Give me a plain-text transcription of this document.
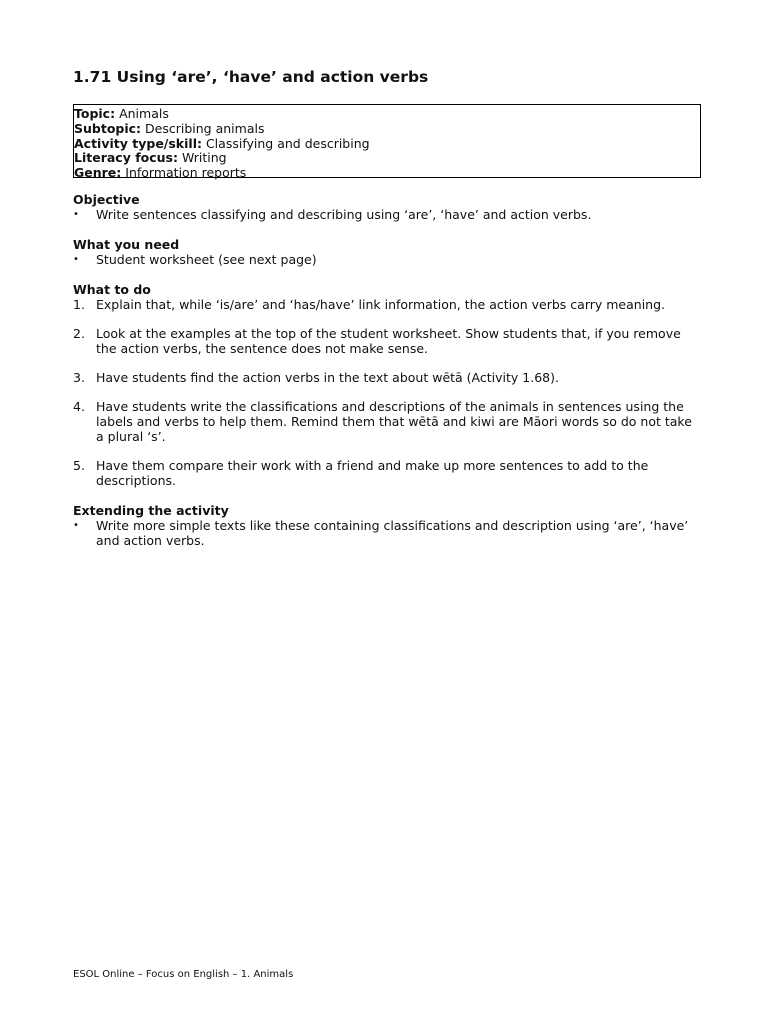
1.71 Using ‘are’, ‘have’ and action verbs
Topic: Animals
Subtopic: Describing animals
Activity type/skill: Classifying and describing
Literacy focus: Writing
Genre: Information reports
Objective
•	Write sentences classifying and describing using ‘are’, ‘have’ and action verbs.
What you need
•	Student worksheet (see next page)
What to do
1. Explain that, while ‘is/are’ and ‘has/have’ link information, the action verbs carry meaning.
2. Look at the examples at the top of the student worksheet. Show students that, if you remove the action verbs, the sentence does not make sense.
3. Have students find the action verbs in the text about wētā (Activity 1.68).
4. Have students write the classifications and descriptions of the animals in sentences using the labels and verbs to help them. Remind them that wētā and kiwi are Māori words so do not take a plural ‘s’.
5. Have them compare their work with a friend and make up more sentences to add to the descriptions.
Extending the activity
•	Write more simple texts like these containing classifications and description using ‘are’, ‘have’ and action verbs.
ESOL Online – Focus on English – 1. Animals
